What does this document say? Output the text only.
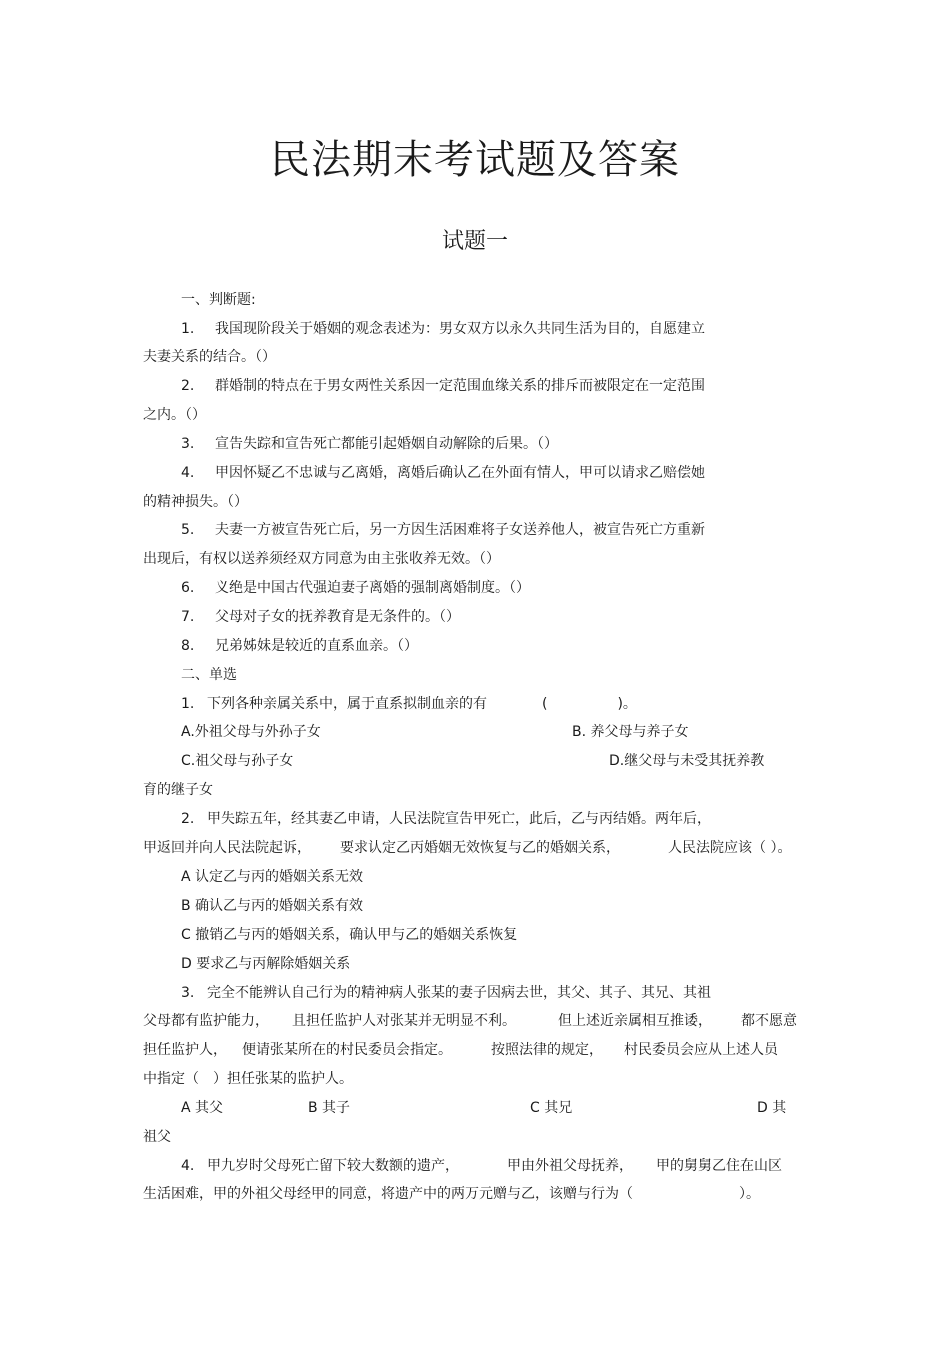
民法期末考试题及答案
试题一
一、判断题:
1. 我国现阶段关于婚姻的观念表述为：男女双方以永久共同生活为目的，自愿建立
夫妻关系的结合。（）
2. 群婚制的特点在于男女两性关系因一定范围血缘关系的排斥而被限定在一定范围
之内。（）
3. 宣告失踪和宣告死亡都能引起婚姻自动解除的后果。（）
4. 甲因怀疑乙不忠诚与乙离婚，离婚后确认乙在外面有情人，甲可以请求乙赔偿她
的精神损失。（）
5. 夫妻一方被宣告死亡后，另一方因生活困难将子女送养他人，被宣告死亡方重新
出现后，有权以送养须经双方同意为由主张收养无效。（）
6. 义绝是中国古代强迫妻子离婚的强制离婚制度。（）
7. 父母对子女的抚养教育是无条件的。（）
8. 兄弟姊妹是较近的直系血亲。（）
二、单选
1. 下列各种亲属关系中，属于直系拟制血亲的有	(　　　　　)。
A.外祖父母与外孙子女	B. 养父母与养子女
C.祖父母与孙子女	D.继父母与未受其抚养教
育的继子女
2. 甲失踪五年，经其妻乙申请，人民法院宣告甲死亡，此后，乙与丙结婚。两年后，
甲返回并向人民法院起诉， 要求认定乙丙婚姻无效恢复与乙的婚姻关系，	人民法院应该（ ）。
A 认定乙与丙的婚姻关系无效
B 确认乙与丙的婚姻关系有效
C 撤销乙与丙的婚姻关系，确认甲与乙的婚姻关系恢复
D 要求乙与丙解除婚姻关系
3. 完全不能辨认自己行为的精神病人张某的妻子因病去世，其父、其子、其兄、其祖
父母都有监护能力， 且担任监护人对张某并无明显不利。	但上述近亲属相互推诿， 都不愿意
担任监护人， 便请张某所在的村民委员会指定。	按照法律的规定， 村民委员会应从上述人员
中指定（　）担任张某的监护人。
A 其父	B 其子	C 其兄	D 其
祖父
4. 甲九岁时父母死亡留下较大数额的遗产，	甲由外祖父母抚养， 甲的舅舅乙住在山区
生活困难，甲的外祖父母经甲的同意，将遗产中的两万元赠与乙，该赠与行为（	）。
